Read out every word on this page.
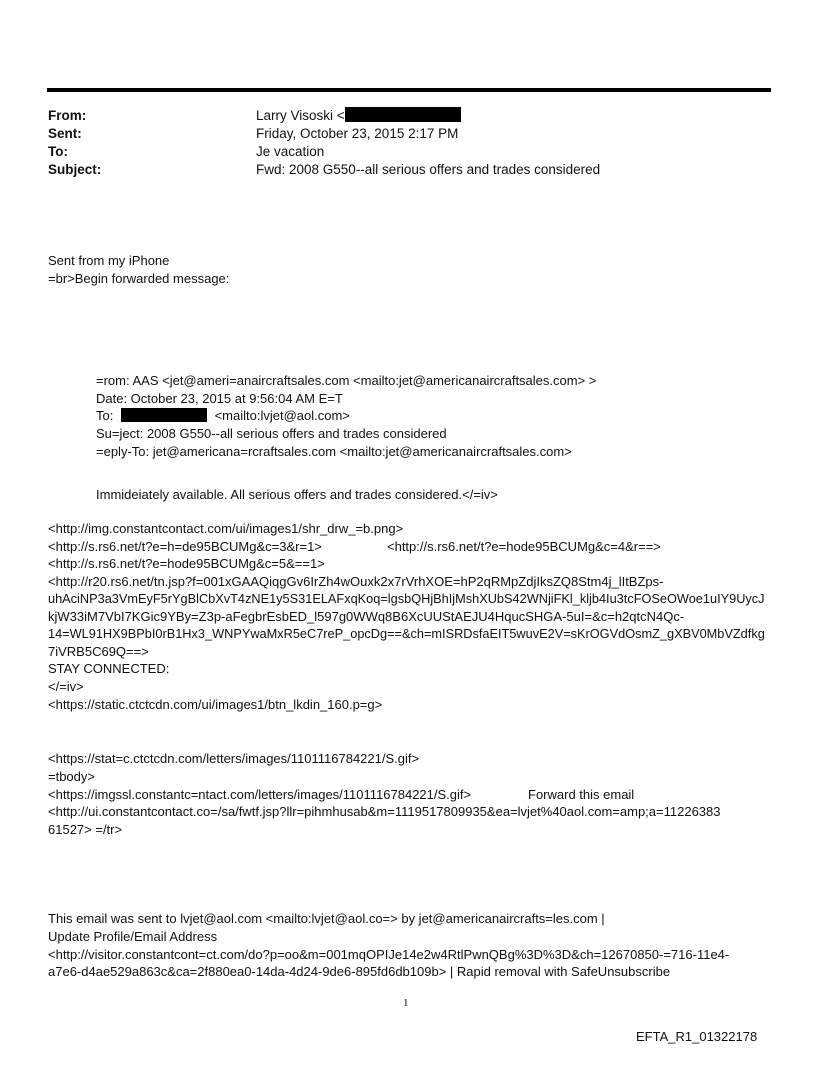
From:	Larry Visoski <
Sent:	Friday, October 23, 2015 2:17 PM
To:	Je vacation
Subject:	Fwd: 2008 G550--all serious offers and trades considered
Sent from my iPhone
=br>Begin forwarded message:
=rom: AAS <jet@ameri=anaircraftsales.com <mailto:jet@americanaircraftsales.com> >
Date: October 23, 2015 at 9:56:04 AM E=T
To:	<mailto:lvjet@aol.com>
Su=ject: 2008 G550--all serious offers and trades considered
=eply-To: jet@americana=rcraftsales.com <mailto:jet@americanaircraftsales.com>
Immideiately available. All serious offers and trades considered.</=iv>
<http://img.constantcontact.com/ui/images1/shr_drw_=b.png>
<http://s.rs6.net/t?e=h=de95BCUMg&c=3&r=1>	<http://s.rs6.net/t?e=hode95BCUMg&c=4&r==>
<http://s.rs6.net/t?e=hode95BCUMg&c=5&==1>
<http://r20.rs6.net/tn.jsp?f=001xGAAQiqgGv6IrZh4wOuxk2x7rVrhXOE=hP2qRMpZdjIksZQ8Stm4j_lItBZps-
uhAciNP3a3VmEyF5rYgBlCbXvT4zNE1y5S31ELAFxqKoq=lgsbQHjBhIjMshXUbS42WNjiFKl_kljb4Iu3tcFOSeOWoe1uIY9UycJ
kjW33iM7VbI7KGic9YBy=Z3p-aFegbrEsbED_l597g0WWq8B6XcUUStAEJU4HqucSHGA-5uI=&c=h2qtcN4Qc-
14=WL91HX9BPbI0rB1Hx3_WNPYwaMxR5eC7reP_opcDg==&ch=mISRDsfaEIT5wuvE2V=sKrOGVdOsmZ_gXBV0MbVZdfkg
7iVRB5C69Q==>
STAY CONNECTED:
</=iv>
<https://static.ctctcdn.com/ui/images1/btn_lkdin_160.p=g>
<https://stat=c.ctctcdn.com/letters/images/1101116784221/S.gif>
=tbody>
<https://imgssl.constantc=ntact.com/letters/images/1101116784221/S.gif>	Forward this email
<http://ui.constantcontact.co=/sa/fwtf.jsp?llr=pihmhusab&m=1119517809935&ea=lvjet%40aol.com=amp;a=11226383
61527> =/tr>
This email was sent to lvjet@aol.com <mailto:lvjet@aol.co=> by jet@americanaircrafts=les.com |
Update Profile/Email Address
<http://visitor.constantcont=ct.com/do?p=oo&m=001mqOPIJe14e2w4RtlPwnQBg%3D%3D&ch=12670850-=716-11e4-
a7e6-d4ae529a863c&ca=2f880ea0-14da-4d24-9de6-895fd6db109b> | Rapid removal with SafeUnsubscribe
1
EFTA_R1_01322178
